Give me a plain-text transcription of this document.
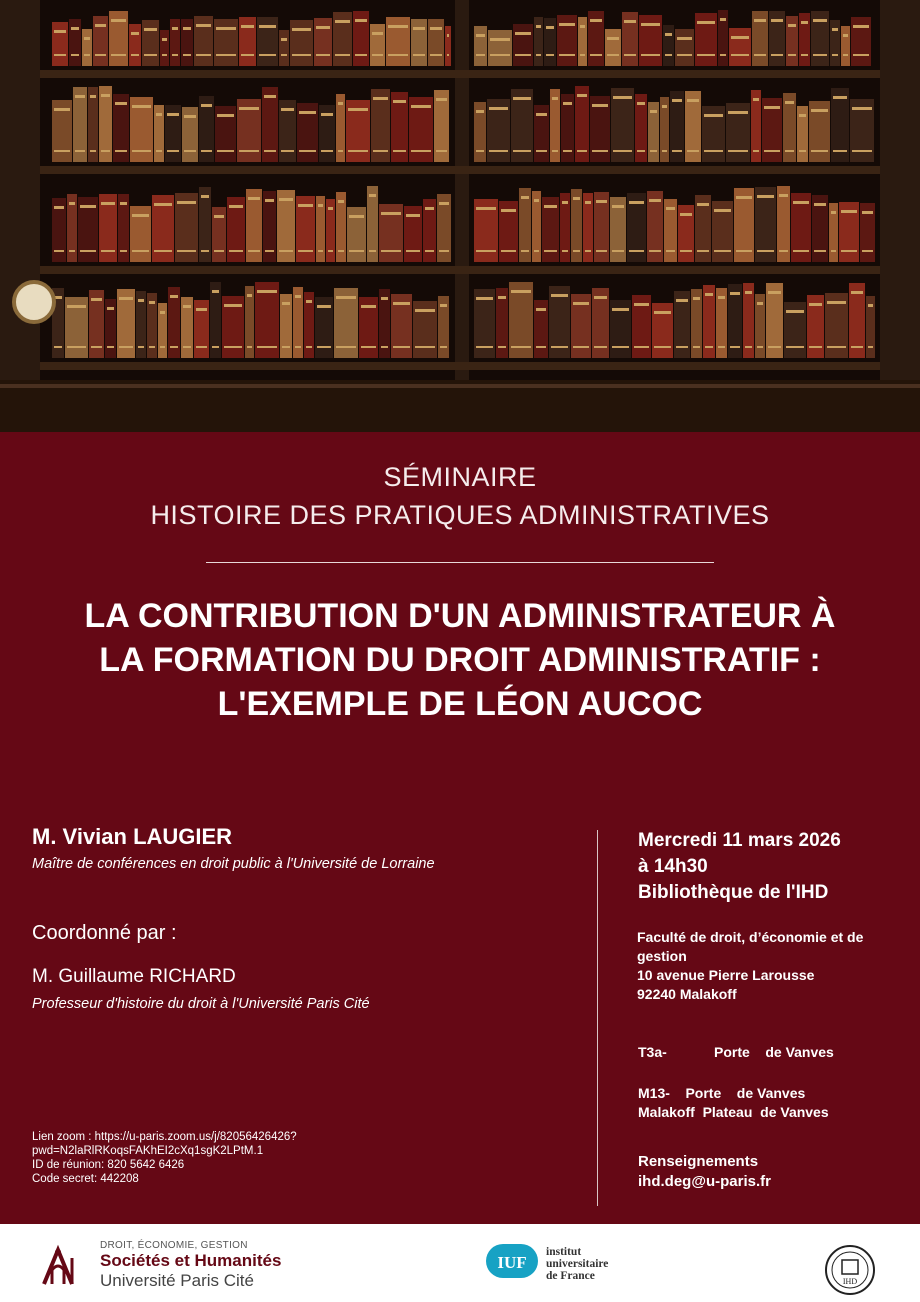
SÉMINAIRE
HISTOIRE DES PRATIQUES ADMINISTRATIVES
LA CONTRIBUTION D'UN ADMINISTRATEUR À
LA FORMATION DU DROIT ADMINISTRATIF :
L'EXEMPLE DE LÉON AUCOC
M. Vivian LAUGIER
Maître de conférences en droit public à l'Université de Lorraine
Coordonné par :
M. Guillaume RICHARD
Professeur d'histoire du droit à l'Université Paris Cité
Lien zoom : https://u-paris.zoom.us/j/82056426426?
pwd=N2laRlRKoqsFAKhEI2cXq1sgK2LPtM.1
ID de réunion: 820 5642 6426
Code secret: 442208
Mercredi 11 mars 2026
à 14h30
Bibliothèque de l'IHD
Faculté de droit, d’économie et de
gestion
10 avenue Pierre Larousse
92240 Malakoff
T3a-	Porte    de Vanves
M13-    Porte    de Vanves
Malakoff  Plateau  de Vanves
Renseignements
ihd.deg@u-paris.fr
DROIT, ÉCONOMIE, GESTION
Sociétés et Humanités
Université Paris Cité
IUF
institut
universitaire
de France	IHD
